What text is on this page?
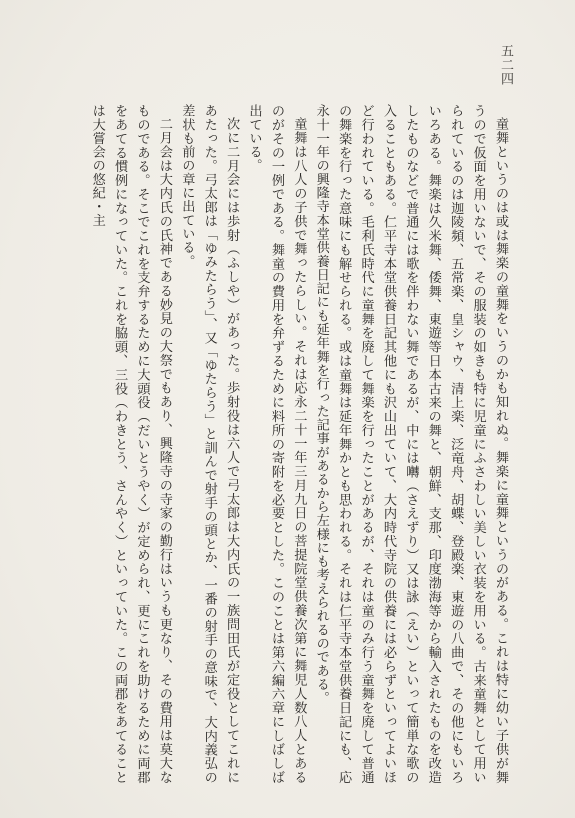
五二四

童舞というのは或は舞楽の童舞をいうのかも知れぬ。舞楽に童舞というのがある。これは特に幼い子供が舞うので仮面を用いないで、その服装の如きも特に児童にふさわしい美しい衣装を用いる。古来童舞として用いられているのは迦陵頻、五常楽、皇シャウ、清上楽、泛竜舟、胡蝶、登殿楽、東遊の八曲で、その他にもいろいろある。舞楽は久米舞、倭舞、東遊等日本古来の舞と、朝鮮、支那、印度渤海等から輸入されたものを改造したものなどで普通には歌を伴わない舞であるが、中には囀（さえずり）又は詠（えい）といって簡単な歌の入ることもある。仁平寺本堂供養日記其他にも沢山出ていて、大内時代寺院の供養には必らずといってよいほど行われている。毛利氏時代に童舞を廃して舞楽を行ったことがあるが、それは童のみ行う童舞を廃して普通の舞楽を行った意味にも解せられる。或は童舞は延年舞かとも思われる。それは仁平寺本堂供養日記にも、応永十一年の興隆寺本堂供養日記にも延年舞を行った記事があるから左様にも考えられるのである。

童舞は八人の子供で舞ったらしい。それは応永二十一年三月九日の菩提院堂供養次第に舞児人数八人とあるのがその一例である。舞童の費用を弁ずるために料所の寄附を必要とした。このことは第六編六章にしばしば出ている。

次に二月会には歩射（ふしや）があった。歩射役は六人で弓太郎は大内氏の一族問田氏が定役としてこれにあたった。弓太郎は「ゆみたらう」、又「ゆたらう」と訓んで射手の頭とか、一番の射手の意味で、大内義弘の差状も前の章に出ている。

二月会は大内氏の氏神である妙見の大祭でもあり、興隆寺の寺家の勤行はいうも更なり、その費用は莫大なものである。そこでこれを支弁するために大頭役（だいとうやく）が定められ、更にこれを助けるために両郡をあてる慣例になっていた。これを脇頭、三役（わきとう、さんやく）といっていた。この両郡をあてることは大嘗会の悠紀・主
